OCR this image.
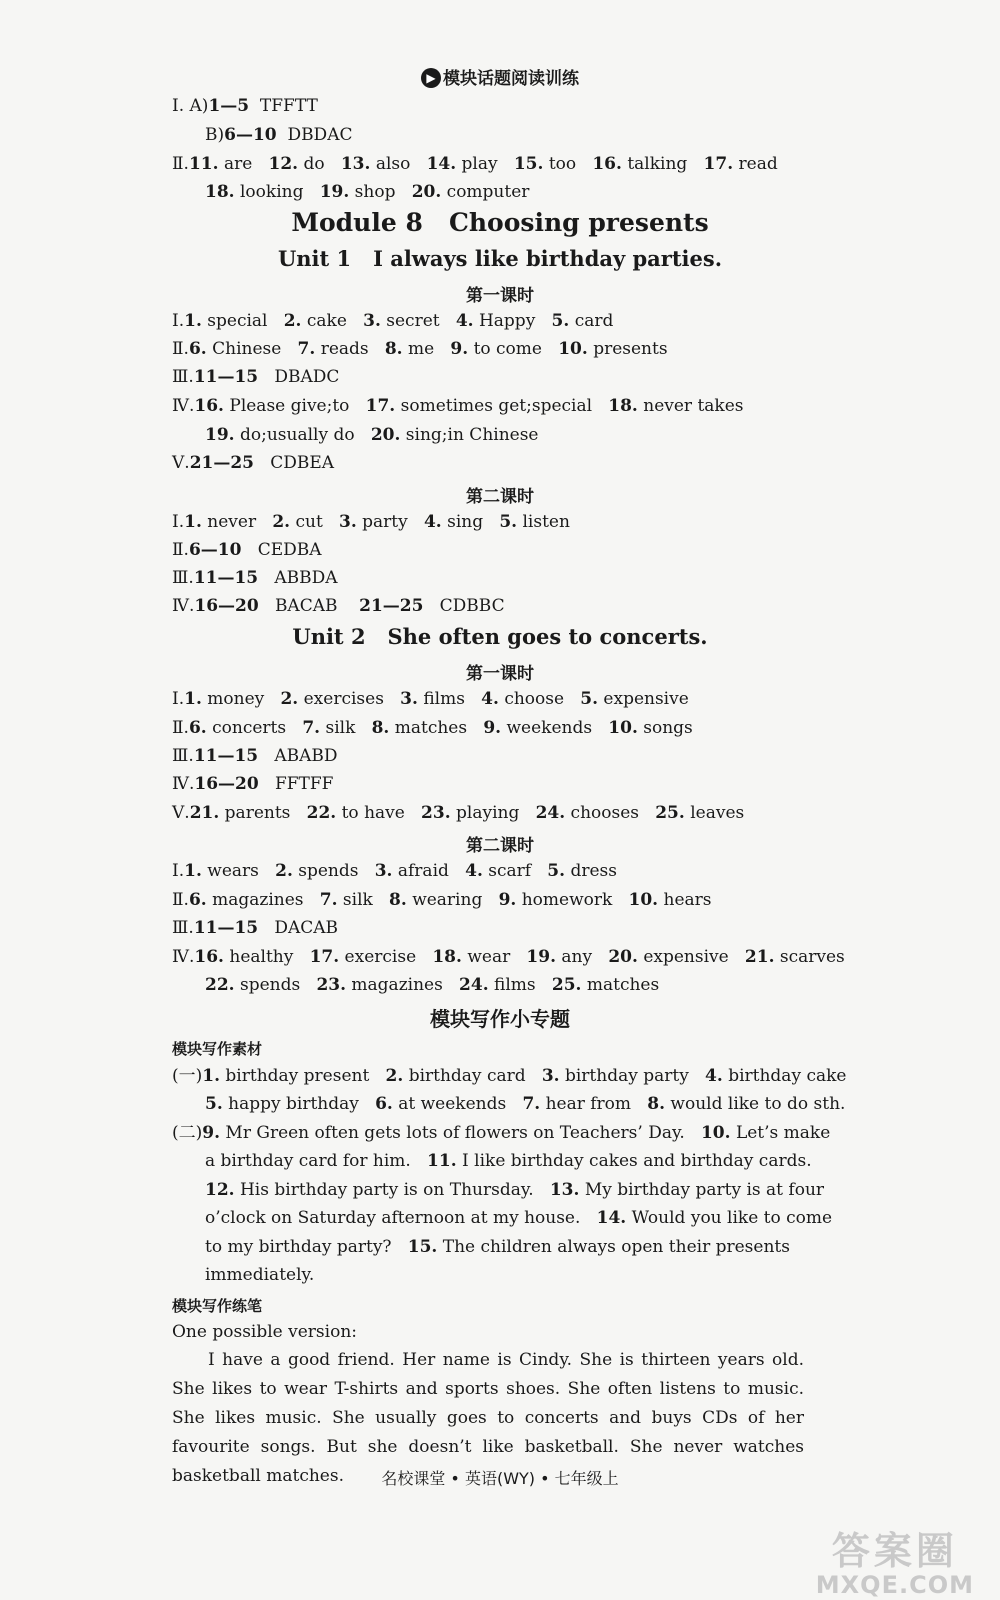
▶ 模块话题阅读训练
Ⅰ. A)1—5 TFFTT
B)6—10 DBDAC
Ⅱ.11. are 12. do 13. also 14. play 15. too 16. talking 17. read
18. looking 19. shop 20. computer
Module 8 Choosing presents
Unit 1 I always like birthday parties.
第一课时
Ⅰ.1. special 2. cake 3. secret 4. Happy 5. card
Ⅱ.6. Chinese 7. reads 8. me 9. to come 10. presents
Ⅲ.11—15 DBADC
Ⅳ.16. Please give;to 17. sometimes get;special 18. never takes
19. do;usually do 20. sing;in Chinese
Ⅴ.21—25 CDBEA
第二课时
Ⅰ.1. never 2. cut 3. party 4. sing 5. listen
Ⅱ.6—10 CEDBA
Ⅲ.11—15 ABBDA
Ⅳ.16—20 BACAB 21—25 CDBBC
Unit 2 She often goes to concerts.
第一课时
Ⅰ.1. money 2. exercises 3. films 4. choose 5. expensive
Ⅱ.6. concerts 7. silk 8. matches 9. weekends 10. songs
Ⅲ.11—15 ABABD
Ⅳ.16—20 FFTFF
Ⅴ.21. parents 22. to have 23. playing 24. chooses 25. leaves
第二课时
Ⅰ.1. wears 2. spends 3. afraid 4. scarf 5. dress
Ⅱ.6. magazines 7. silk 8. wearing 9. homework 10. hears
Ⅲ.11—15 DACAB
Ⅳ.16. healthy 17. exercise 18. wear 19. any 20. expensive 21. scarves
22. spends 23. magazines 24. films 25. matches
模块写作小专题
模块写作素材
(一)1. birthday present 2. birthday card 3. birthday party 4. birthday cake
5. happy birthday 6. at weekends 7. hear from 8. would like to do sth.
(二)9. Mr Green often gets lots of flowers on Teachers’ Day. 10. Let’s make
a birthday card for him. 11. I like birthday cakes and birthday cards.
12. His birthday party is on Thursday. 13. My birthday party is at four
o’clock on Saturday afternoon at my house. 14. Would you like to come
to my birthday party? 15. The children always open their presents
immediately.
模块写作练笔
One possible version:

I have a good friend. Her name is Cindy. She is thirteen years old. She likes to wear T-shirts and sports shoes. She often listens to music. She likes music. She usually goes to concerts and buys CDs of her favourite songs. But she doesn’t like basketball. She never watches basketball matches.	名校课堂 • 英语(WY) • 七年级上
答案圈
MXQE.COM
